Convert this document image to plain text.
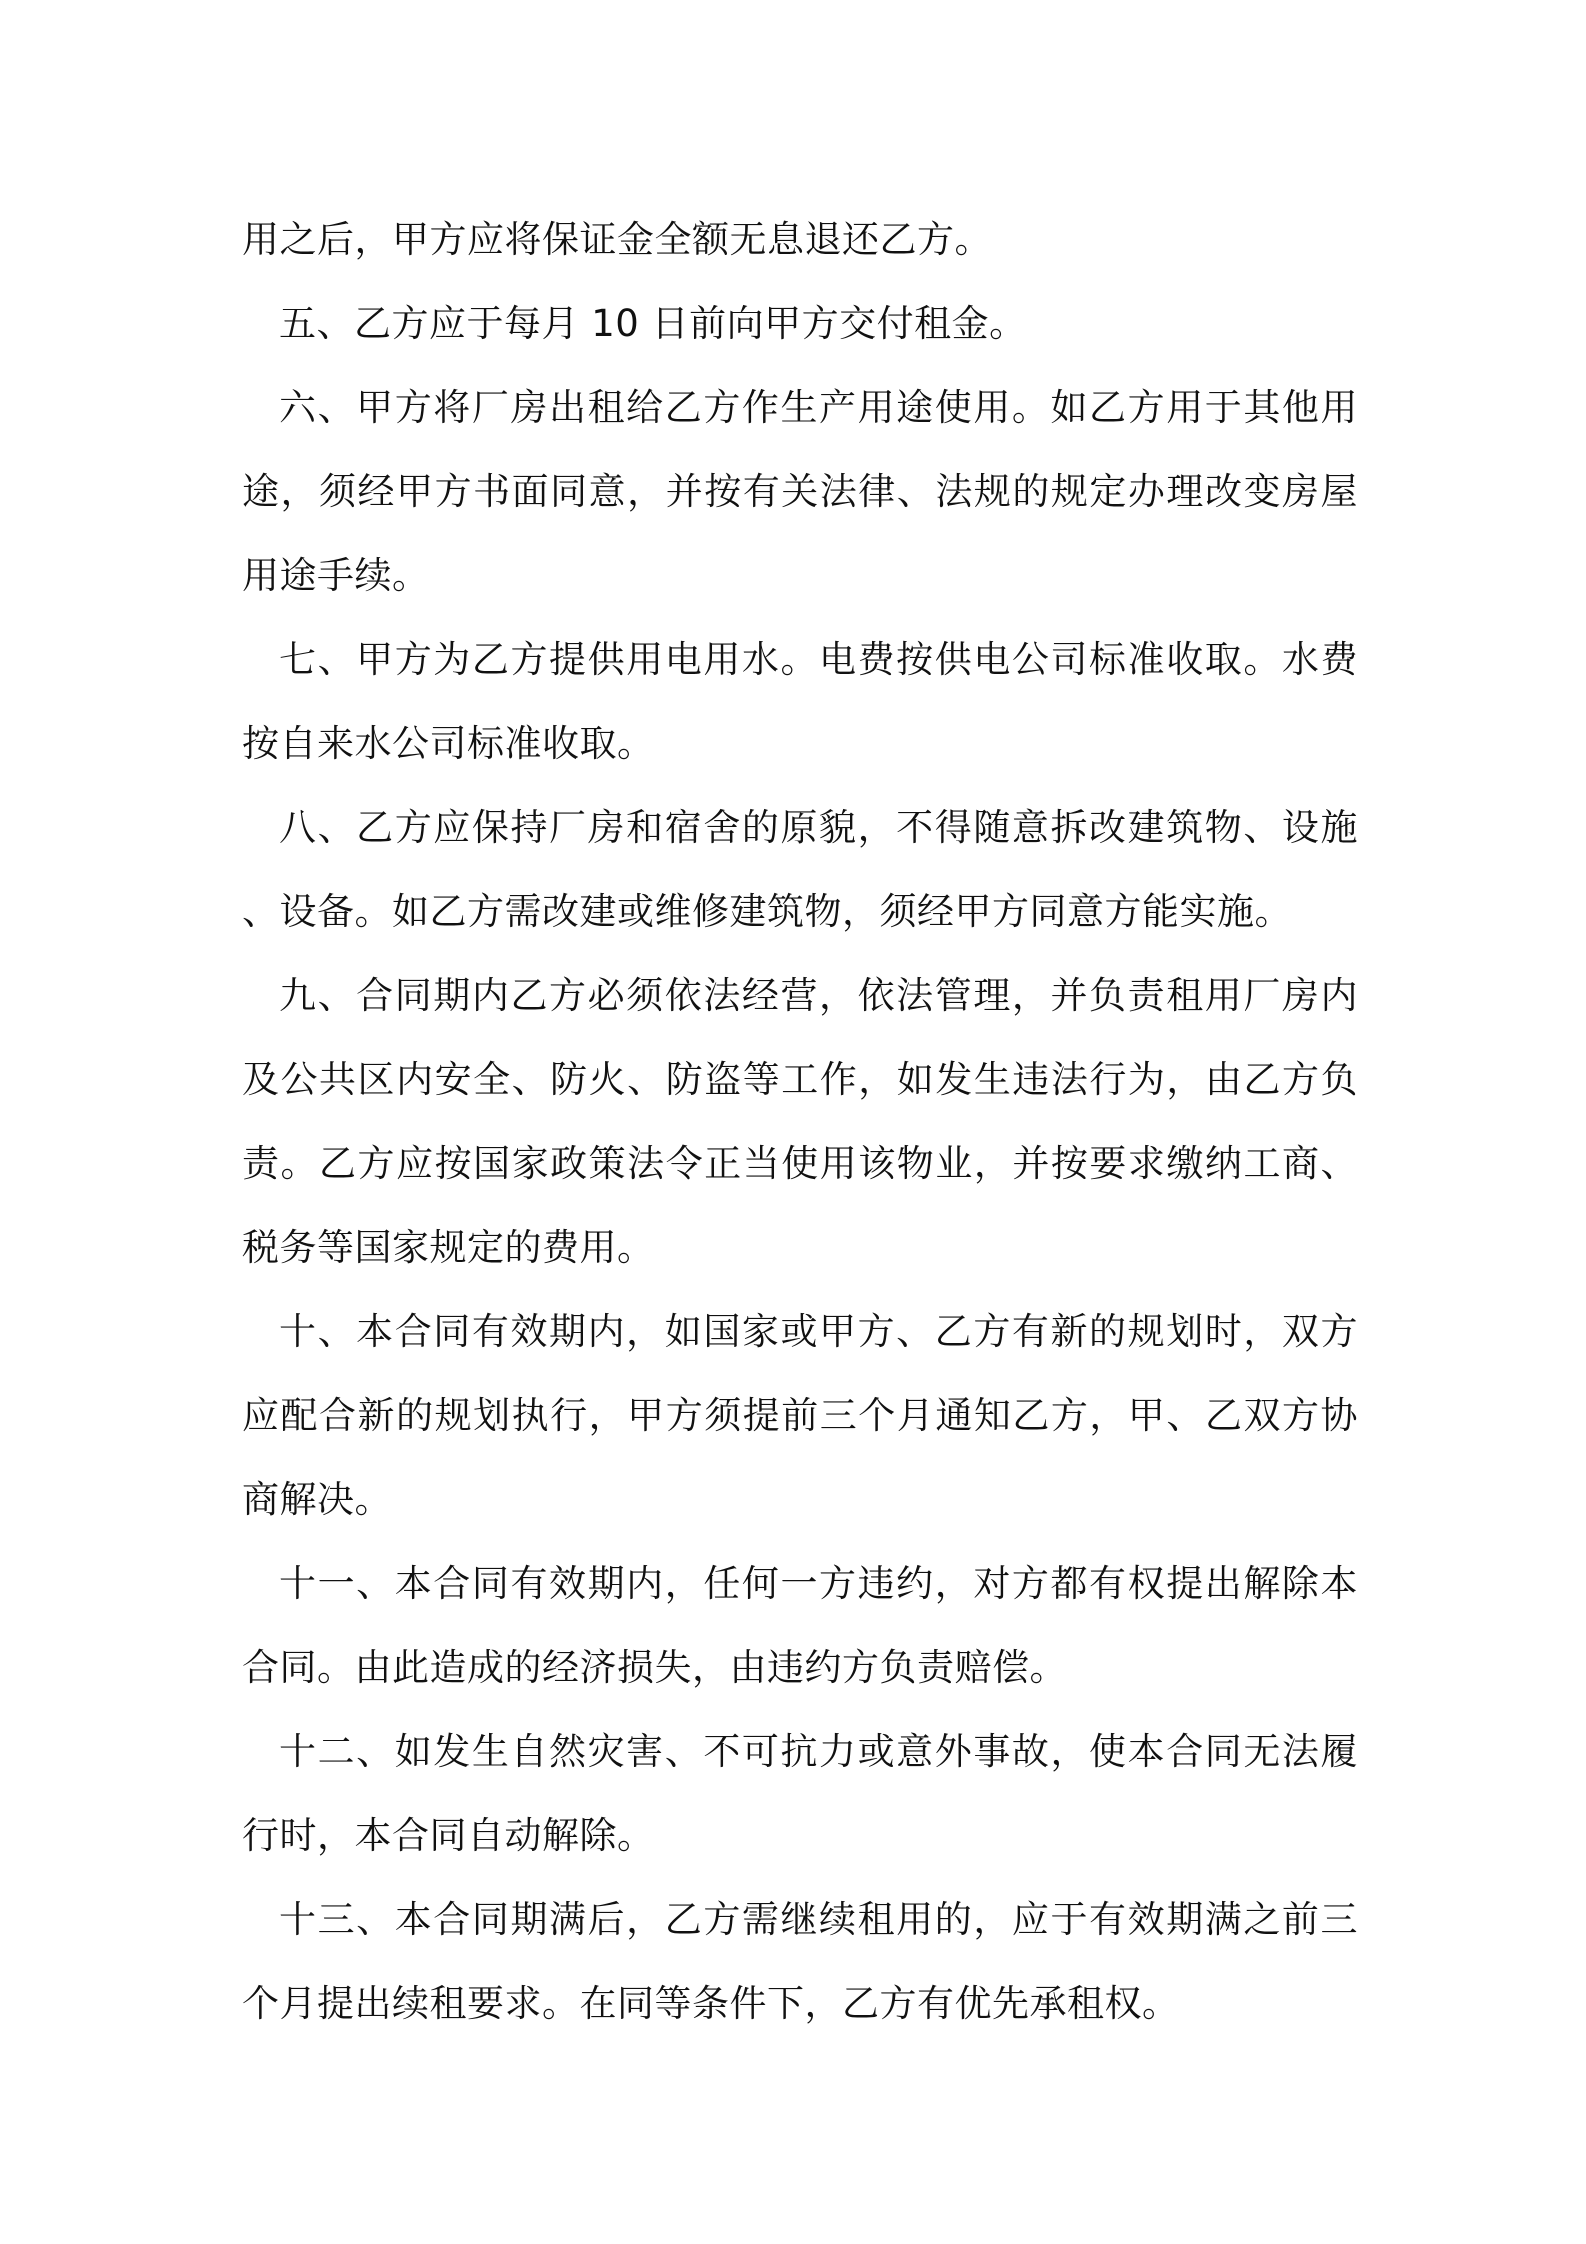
用之后，甲方应将保证金全额无息退还乙方。

五、乙方应于每月 10 日前向甲方交付租金。

六、甲方将厂房出租给乙方作生产用途使用。如乙方用于其他用途，须经甲方书面同意，并按有关法律、法规的规定办理改变房屋用途手续。

七、甲方为乙方提供用电用水。电费按供电公司标准收取。水费按自来水公司标准收取。

八、乙方应保持厂房和宿舍的原貌，不得随意拆改建筑物、设施、设备。如乙方需改建或维修建筑物，须经甲方同意方能实施。

九、合同期内乙方必须依法经营，依法管理，并负责租用厂房内及公共区内安全、防火、防盗等工作，如发生违法行为，由乙方负责。乙方应按国家政策法令正当使用该物业，并按要求缴纳工商、税务等国家规定的费用。

十、本合同有效期内，如国家或甲方、乙方有新的规划时，双方应配合新的规划执行，甲方须提前三个月通知乙方，甲、乙双方协商解决。

十一、本合同有效期内，任何一方违约，对方都有权提出解除本合同。由此造成的经济损失，由违约方负责赔偿。

十二、如发生自然灾害、不可抗力或意外事故，使本合同无法履行时，本合同自动解除。

十三、本合同期满后，乙方需继续租用的，应于有效期满之前三个月提出续租要求。在同等条件下，乙方有优先承租权。
